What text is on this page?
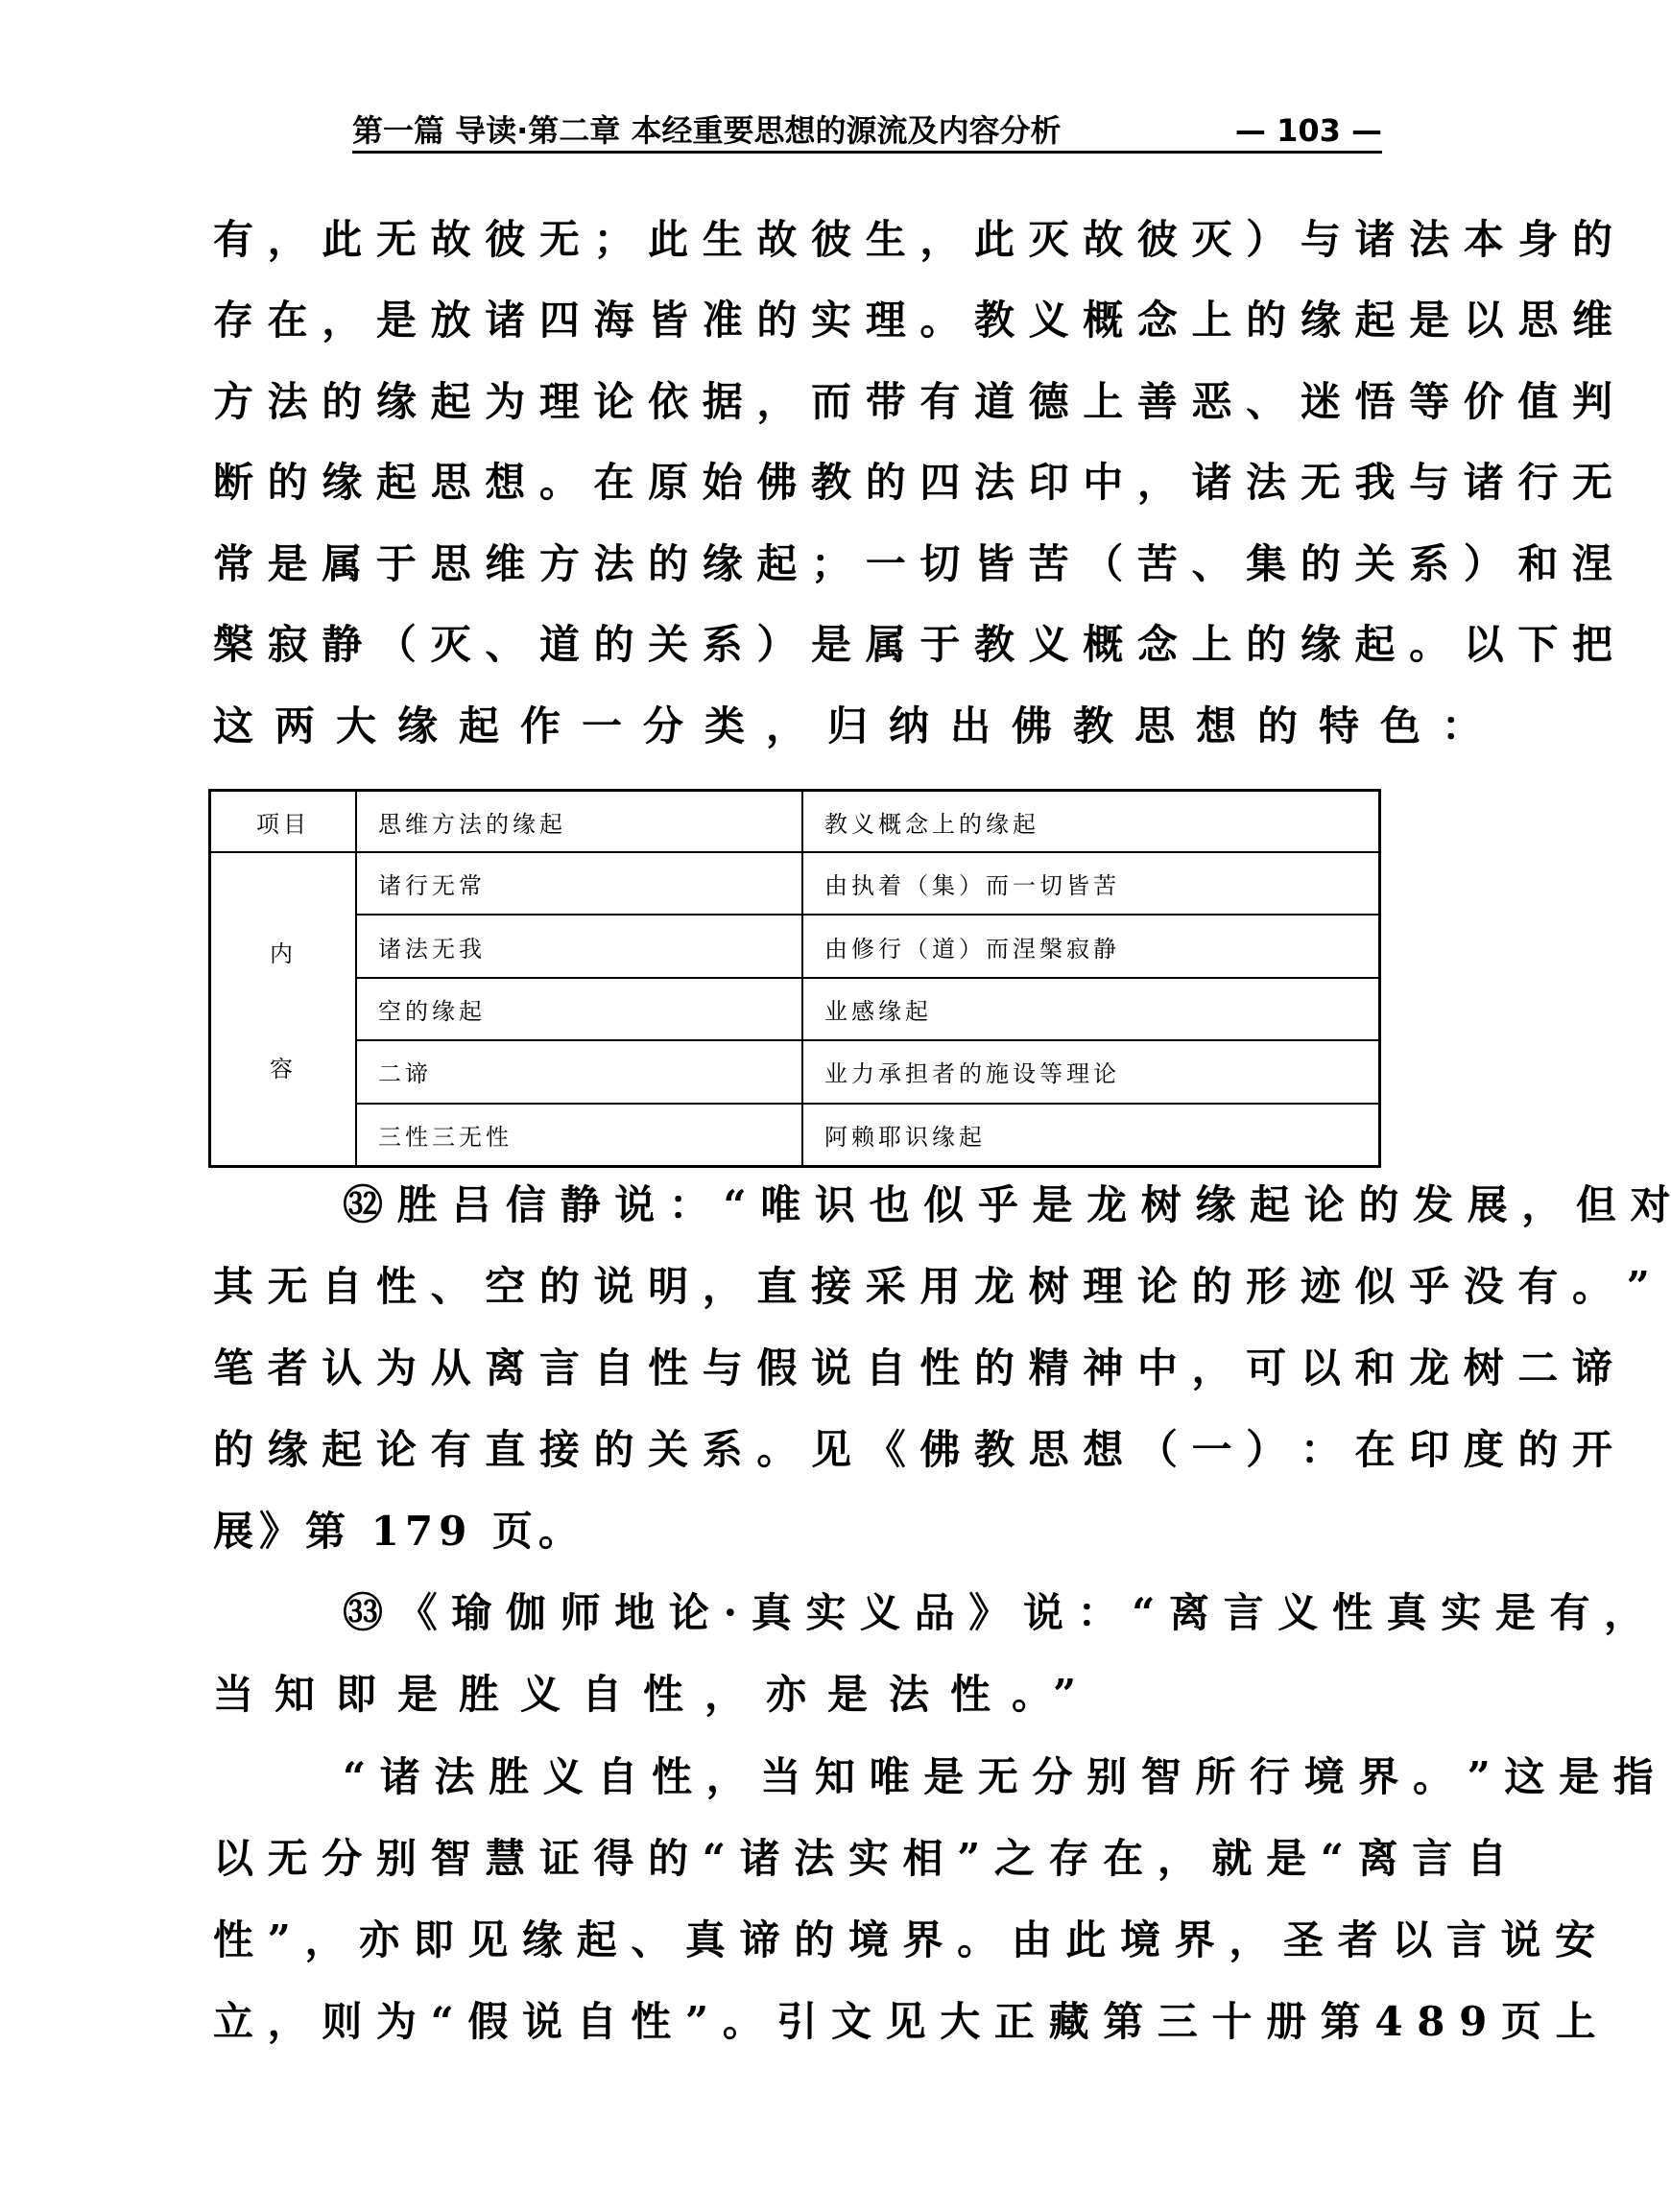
第一篇 导读·第二章 本经重要思想的源流及内容分析	— 103 —
有 ， 此 无 故 彼 无 ； 此 生 故 彼 生 ， 此 灭 故 彼 灭 ） 与 诸 法 本 身 的
存 在 ， 是 放 诸 四 海 皆 准 的 实 理 。 教 义 概 念 上 的 缘 起 是 以 思 维
方 法 的 缘 起 为 理 论 依 据 ， 而 带 有 道 德 上 善 恶 、 迷 悟 等 价 值 判
断 的 缘 起 思 想 。 在 原 始 佛 教 的 四 法 印 中 ， 诸 法 无 我 与 诸 行 无
常 是 属 于 思 维 方 法 的 缘 起 ； 一 切 皆 苦 （ 苦 、 集 的 关 系 ） 和 涅
槃 寂 静 （ 灭 、 道 的 关 系 ） 是 属 于 教 义 概 念 上 的 缘 起 。 以 下 把
这两大缘起作一分类，归纳出佛教思想的特色：
项目	思维方法的缘起	教义概念上的缘起

内
容	诸行无常	由执着（集）而一切皆苦
	诸法无我	由修行（道）而涅槃寂静
	空的缘起	业感缘起
	二谛	业力承担者的施设等理论
	三性三无性	阿赖耶识缘起
㉜ 胜 吕 信 静 说 ： “ 唯 识 也 似 乎 是 龙 树 缘 起 论 的 发 展 ， 但 对
其 无 自 性 、 空 的 说 明 ， 直 接 采 用 龙 树 理 论 的 形 迹 似 乎 没 有 。 ”
笔 者 认 为 从 离 言 自 性 与 假 说 自 性 的 精 神 中 ， 可 以 和 龙 树 二 谛
的 缘 起 论 有 直 接 的 关 系 。 见 《 佛 教 思 想 （ 一 ） ： 在 印 度 的 开
展》第 179 页。
㉝ 《 瑜 伽 师 地 论 · 真 实 义 品 》 说 ： “ 离 言 义 性 真 实 是 有 ，
当知即是胜义自性，亦是法性。”
“ 诸 法 胜 义 自 性 ， 当 知 唯 是 无 分 别 智 所 行 境 界 。 ” 这 是 指
以 无 分 别 智 慧 证 得 的 “ 诸 法 实 相 ” 之 存 在 ， 就 是 “ 离 言 自
性 ” ， 亦 即 见 缘 起 、 真 谛 的 境 界 。 由 此 境 界 ， 圣 者 以 言 说 安
立 ， 则 为 “ 假 说 自 性 ” 。 引 文 见 大 正 藏 第 三 十 册 第 4 8 9 页 上
